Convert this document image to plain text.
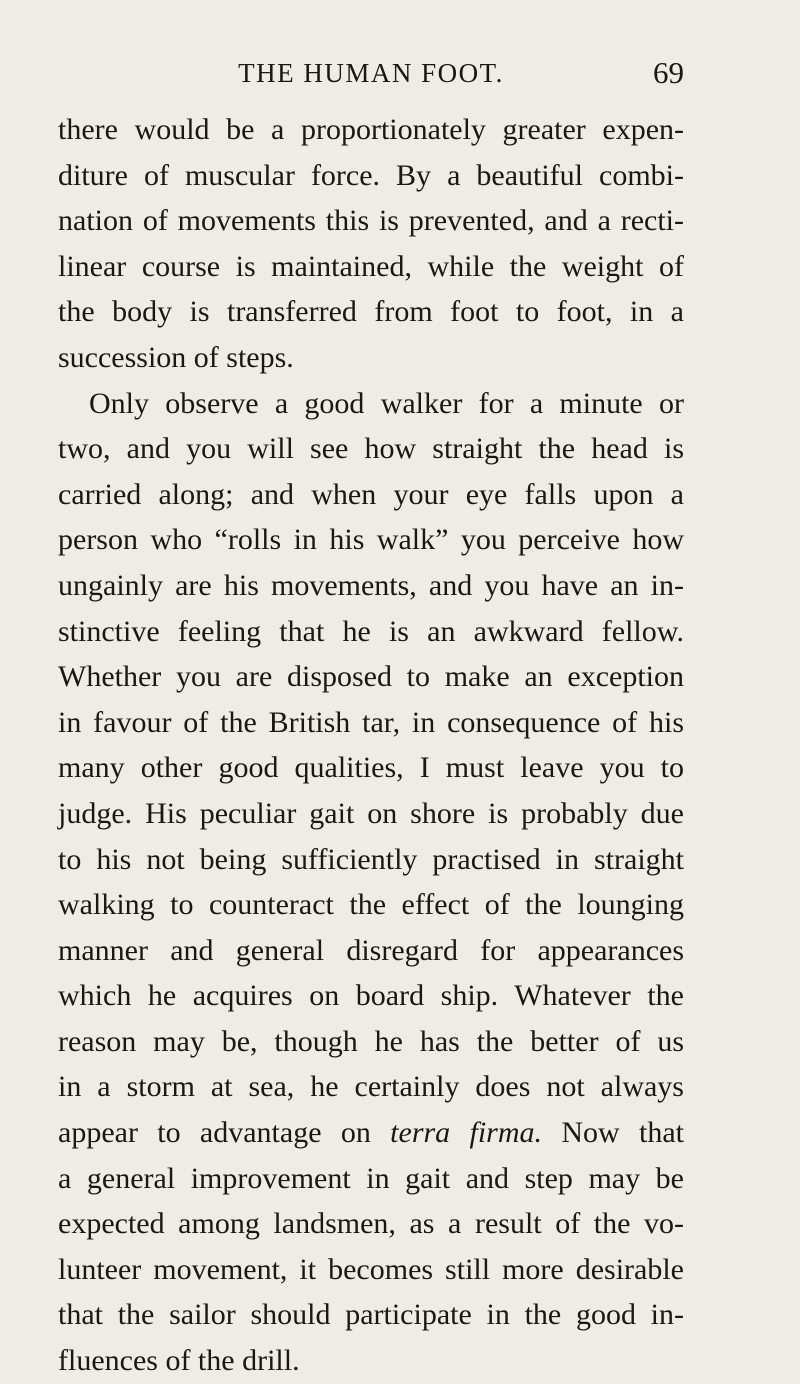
THE HUMAN FOOT.	69
there would be a proportionately greater expen-
diture of muscular force. By a beautiful combi-
nation of movements this is prevented, and a recti-
linear course is maintained, while the weight of
the body is transferred from foot to foot, in a
succession of steps.
Only observe a good walker for a minute or
two, and you will see how straight the head is
carried along; and when your eye falls upon a
person who “rolls in his walk” you perceive how
ungainly are his movements, and you have an in-
stinctive feeling that he is an awkward fellow.
Whether you are disposed to make an exception
in favour of the British tar, in consequence of his
many other good qualities, I must leave you to
judge. His peculiar gait on shore is probably due
to his not being sufficiently practised in straight
walking to counteract the effect of the lounging
manner and general disregard for appearances
which he acquires on board ship. Whatever the
reason may be, though he has the better of us
in a storm at sea, he certainly does not always
appear to advantage on terra firma. Now that
a general improvement in gait and step may be
expected among landsmen, as a result of the vo-
lunteer movement, it becomes still more desirable
that the sailor should participate in the good in-
fluences of the drill.
